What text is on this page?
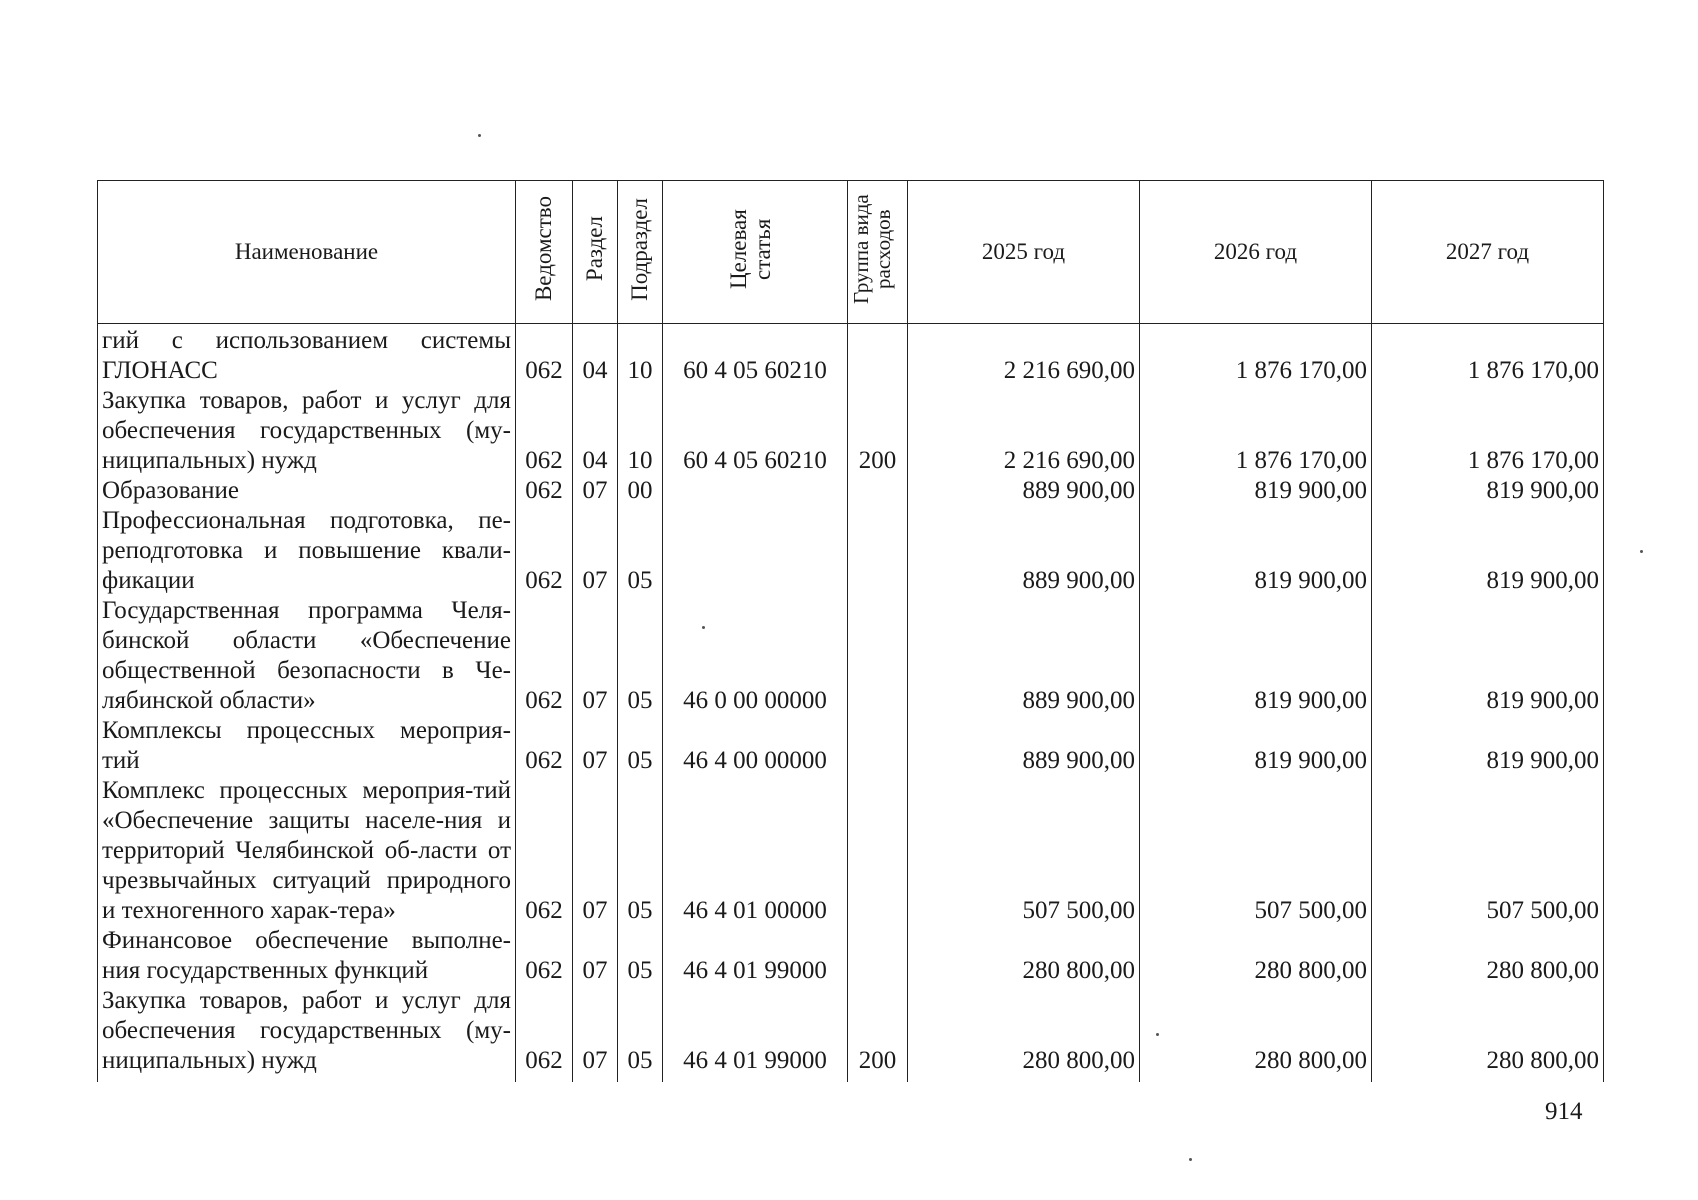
Наименование	Ведомство	Раздел	Подраздел	Целевая статья	Группа вида расходов	2025 год	2026 год	2027 год
гий с использованием системы ГЛОНАСС	062	04	10	60 4 05 60210		2 216 690,00	1 876 170,00	1 876 170,00
Закупка товаров, работ и услуг для обеспечения государственных (му-ниципальных) нужд	062	04	10	60 4 05 60210	200	2 216 690,00	1 876 170,00	1 876 170,00
Образование	062	07	00			889 900,00	819 900,00	819 900,00
Профессиональная подготовка, пе-реподготовка и повышение квали-фикации	062	07	05			889 900,00	819 900,00	819 900,00
Государственная программа Челя-бинской области «Обеспечение общественной безопасности в Че-лябинской области»	062	07	05	46 0 00 00000		889 900,00	819 900,00	819 900,00
Комплексы процессных мероприя-тий	062	07	05	46 4 00 00000		889 900,00	819 900,00	819 900,00
Комплекс процессных мероприя-тий «Обеспечение защиты населе-ния и территорий Челябинской об-ласти от чрезвычайных ситуаций природного и техногенного харак-тера»	062	07	05	46 4 01 00000		507 500,00	507 500,00	507 500,00
Финансовое обеспечение выполне-ния государственных функций	062	07	05	46 4 01 99000		280 800,00	280 800,00	280 800,00
Закупка товаров, работ и услуг для обеспечения государственных (му-ниципальных) нужд	062	07	05	46 4 01 99000	200	280 800,00	280 800,00	280 800,00
914
